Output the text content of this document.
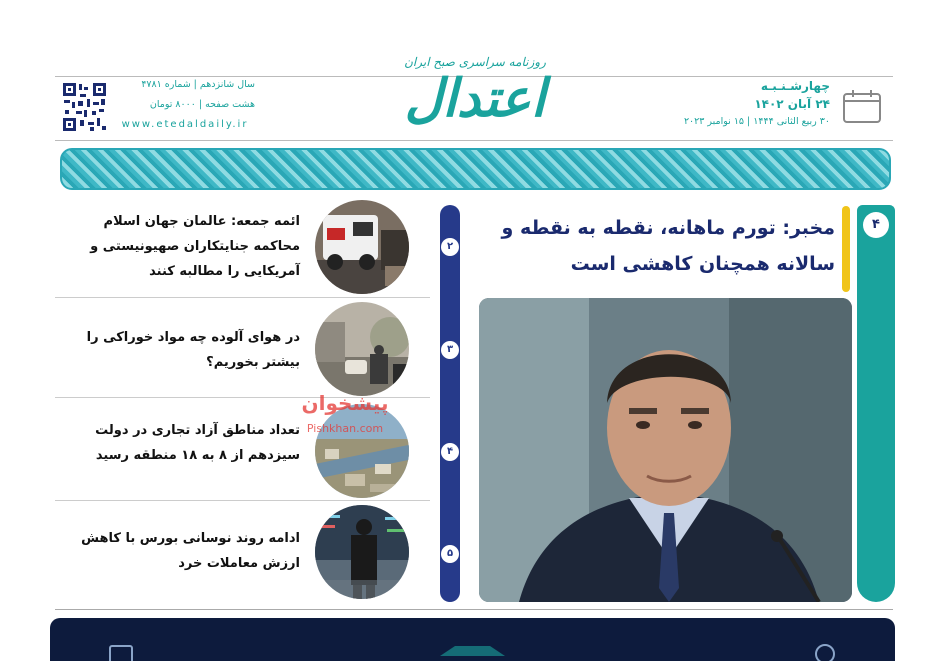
چهارشـنـبـه
۲۴ آبان ۱۴۰۲
۳۰ ربیع الثانی ۱۴۴۴ | ۱۵ نوامبر ۲۰۲۳
روزنامه سراسری صبح ایران
اعتدال
سال شانزدهم | شماره ۴۷۸۱
هشت صفحه | ۸۰۰۰ تومان
www.etedaldaily.ir
۴
مخبر: تورم ماهانه، نقطه به نقطه و سالانه همچنان کاهشی است
۲
۳
۴
۵
ائمه جمعه: عالمان جهان اسلام محاکمه جنایتکاران صهیونیستی و آمریکایی را مطالبه کنند
در هوای آلوده چه مواد خوراکی را بیشتر بخوریم؟
تعداد مناطق آزاد تجاری در دولت سیزدهم از ۸ به ۱۸ منطقه رسید
ادامه روند نوسانی بورس با کاهش ارزش معاملات خرد
پیشخوان
Pishkhan.com
